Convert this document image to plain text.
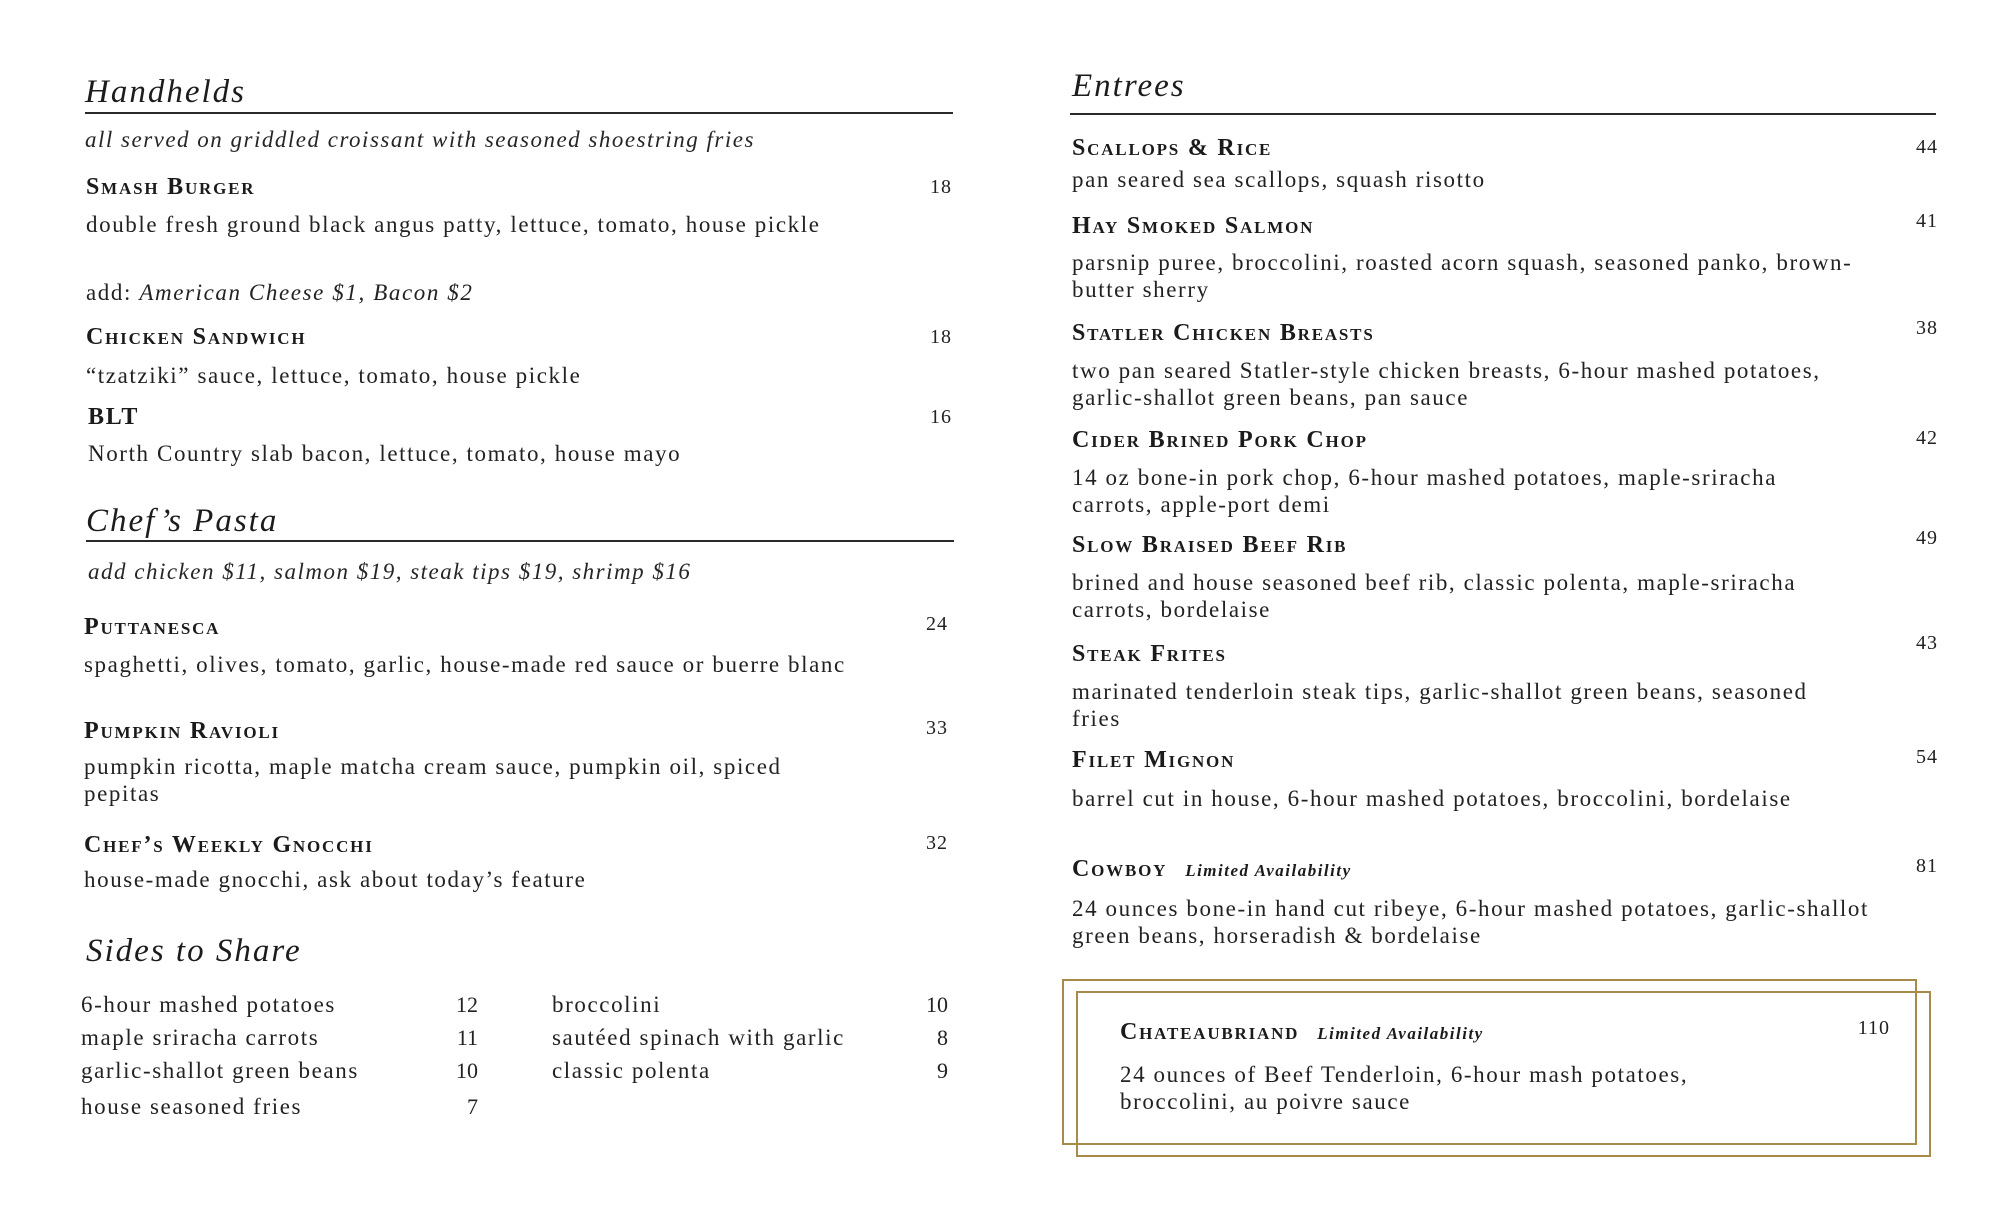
Handhelds
all served on griddled croissant with seasoned shoestring fries
Smash Burger	18
double fresh ground black angus patty, lettuce, tomato, house pickle
add: American Cheese $1, Bacon $2
Chicken Sandwich	18
“tzatziki” sauce, lettuce, tomato, house pickle
BLT	16
North Country slab bacon, lettuce, tomato, house mayo
Chef’s Pasta
add chicken $11, salmon $19, steak tips $19, shrimp $16
Puttanesca	24
spaghetti, olives, tomato, garlic, house-made red sauce or buerre blanc
Pumpkin Ravioli	33
pumpkin ricotta, maple matcha cream sauce, pumpkin oil, spiced pepitas
Chef’s Weekly Gnocchi	32
house-made gnocchi, ask about today’s feature
Sides to Share
6-hour mashed potatoes	12
maple sriracha carrots	11
garlic-shallot green beans	10
house seasoned fries	7
broccolini	10
sautéed spinach with garlic	8
classic polenta	9
Entrees
Scallops & Rice	44
pan seared sea scallops, squash risotto
Hay Smoked Salmon	41
parsnip puree, broccolini, roasted acorn squash, seasoned panko, brown-butter sherry
Statler Chicken Breasts	38
two pan seared Statler-style chicken breasts, 6-hour mashed potatoes, garlic-shallot green beans, pan sauce
Cider Brined Pork Chop	42
14 oz bone-in pork chop, 6-hour mashed potatoes, maple-sriracha carrots, apple-port demi
Slow Braised Beef Rib	49
brined and house seasoned beef rib, classic polenta, maple-sriracha carrots, bordelaise
Steak Frites	43
marinated tenderloin steak tips, garlic-shallot green beans, seasoned fries
Filet Mignon	54
barrel cut in house, 6-hour mashed potatoes, broccolini, bordelaise
Cowboy Limited Availability	81
24 ounces bone-in hand cut ribeye, 6-hour mashed potatoes, garlic-shallot green beans, horseradish & bordelaise
Chateaubriand Limited Availability	110
24 ounces of Beef Tenderloin, 6-hour mash potatoes, broccolini, au poivre sauce
